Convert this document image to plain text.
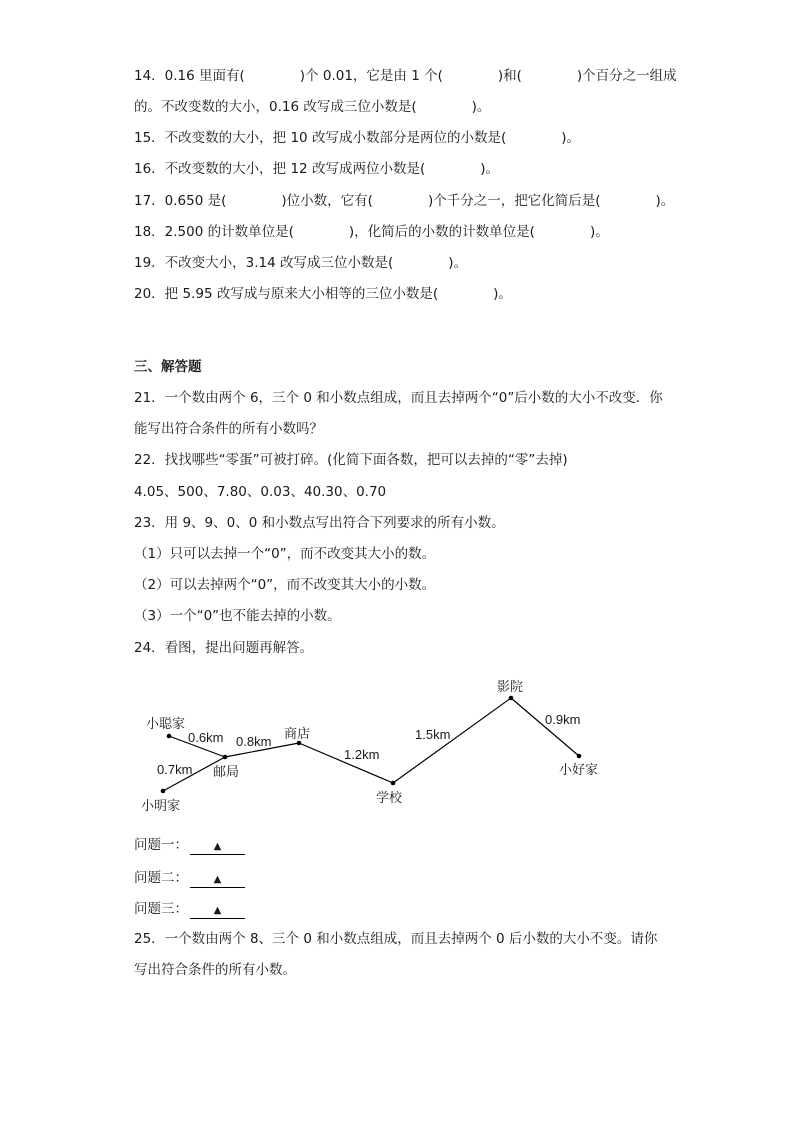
14．0.16 里面有(	)个 0.01，它是由 1 个(	)和(	)个百分之一组成
的。不改变数的大小，0.16 改写成三位小数是(	)。
15．不改变数的大小，把 10 改写成小数部分是两位的小数是(	)。
16．不改变数的大小，把 12 改写成两位小数是(	)。
17．0.650 是(	)位小数，它有(	)个千分之一，把它化简后是(	)。
18．2.500 的计数单位是(	)，化简后的小数的计数单位是(	)。
19．不改变大小，3.14 改写成三位小数是(	)。
20．把 5.95 改写成与原来大小相等的三位小数是(	)。
三、解答题
21．一个数由两个 6，三个 0 和小数点组成，而且去掉两个“0”后小数的大小不改变．你
能写出符合条件的所有小数吗？
22．找找哪些“零蛋”可被打碎。(化简下面各数，把可以去掉的“零”去掉)
4.05、500、7.80、0.03、40.30、0.70
23．用 9、9、0、0 和小数点写出符合下列要求的所有小数。
（1）只可以去掉一个“0”，而不改变其大小的数。
（2）可以去掉两个“0”，而不改变其大小的小数。
（3）一个“0”也不能去掉的小数。
24．看图，提出问题再解答。
小聪家
小明家
邮局
商店
学校
影院
小好家
0.6km
0.7km
0.8km
1.2km
1.5km
0.9km
问题一：	▲
问题二：	▲
问题三：	▲
25．一个数由两个 8、三个 0 和小数点组成，而且去掉两个 0 后小数的大小不变。请你
写出符合条件的所有小数。
